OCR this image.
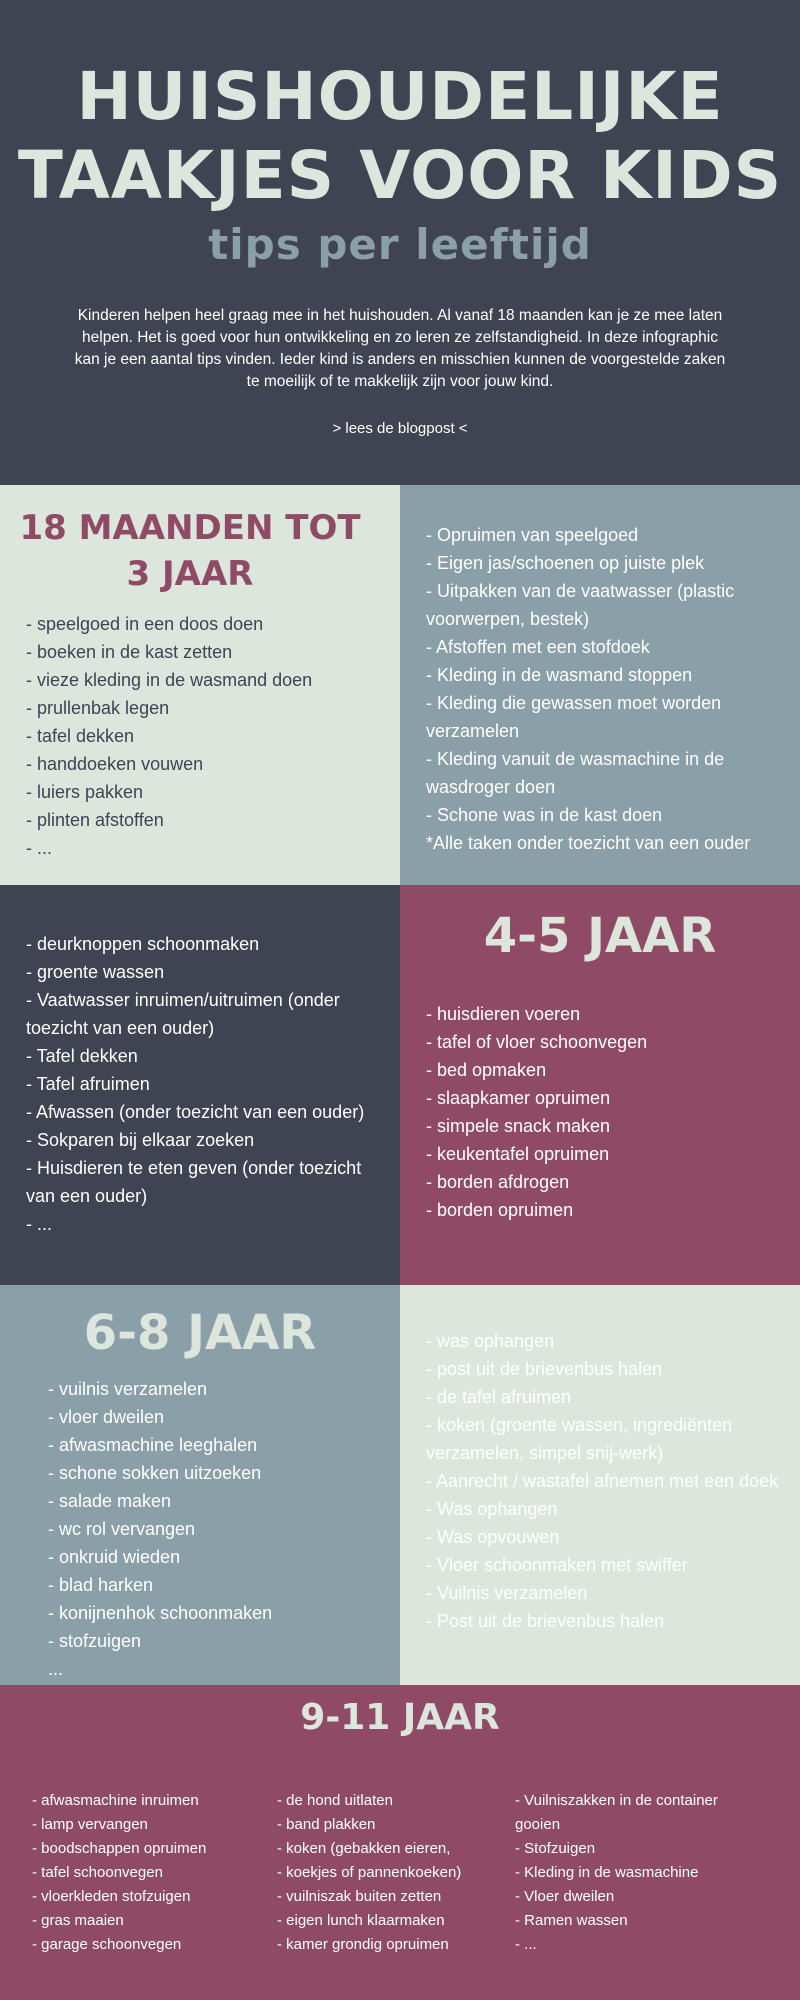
HUISHOUDELIJKE
TAAKJES VOOR KIDS
tips per leeftijd

Kinderen helpen heel graag mee in het huishouden. Al vanaf 18 maanden kan je ze mee laten helpen. Het is goed voor hun ontwikkeling en zo leren ze zelfstandigheid. In deze infographic kan je een aantal tips vinden. Ieder kind is anders en misschien kunnen de voorgestelde zaken te moeilijk of te makkelijk zijn voor jouw kind.

> lees de blogpost <
18 MAANDEN TOT
3 JAAR
- speelgoed in een doos doen
- boeken in de kast zetten
- vieze kleding in de wasmand doen
- prullenbak legen
- tafel dekken
- handdoeken vouwen
- luiers pakken
- plinten afstoffen
- ...
- Opruimen van speelgoed
- Eigen jas/schoenen op juiste plek
- Uitpakken van de vaatwasser (plastic voorwerpen, bestek)
- Afstoffen met een stofdoek
- Kleding in de wasmand stoppen
- Kleding die gewassen moet worden verzamelen
- Kleding vanuit de wasmachine in de wasdroger doen
- Schone was in de kast doen
*Alle taken onder toezicht van een ouder
- deurknoppen schoonmaken
- groente wassen
- Vaatwasser inruimen/uitruimen (onder toezicht van een ouder)
- Tafel dekken
- Tafel afruimen
- Afwassen (onder toezicht van een ouder)
- Sokparen bij elkaar zoeken
- Huisdieren te eten geven (onder toezicht van een ouder)
- ...
4-5 JAAR
- huisdieren voeren
- tafel of vloer schoonvegen
- bed opmaken
- slaapkamer opruimen
- simpele snack maken
- keukentafel opruimen
- borden afdrogen
- borden opruimen
6-8 JAAR
- vuilnis verzamelen
- vloer dweilen
- afwasmachine leeghalen
- schone sokken uitzoeken
- salade maken
- wc rol vervangen
- onkruid wieden
- blad harken
- konijnenhok schoonmaken
- stofzuigen
...
- was ophangen
- post uit de brievenbus halen
- de tafel afruimen
- koken (groente wassen, ingrediënten verzamelen, simpel snij-werk)
- Aanrecht / wastafel afnemen met een doek
- Was ophangen
- Was opvouwen
- Vloer schoonmaken met swiffer
- Vuilnis verzamelen
- Post uit de brievenbus halen
9-11 JAAR
- afwasmachine inruimen
- lamp vervangen
- boodschappen opruimen
- tafel schoonvegen
- vloerkleden stofzuigen
- gras maaien
- garage schoonvegen
- de hond uitlaten
- band plakken
- koken (gebakken eieren,
- koekjes of pannenkoeken)
- vuilniszak buiten zetten
- eigen lunch klaarmaken
- kamer grondig opruimen
- Vuilniszakken in de container gooien
- Stofzuigen
- Kleding in de wasmachine
- Vloer dweilen
- Ramen wassen
- ...
